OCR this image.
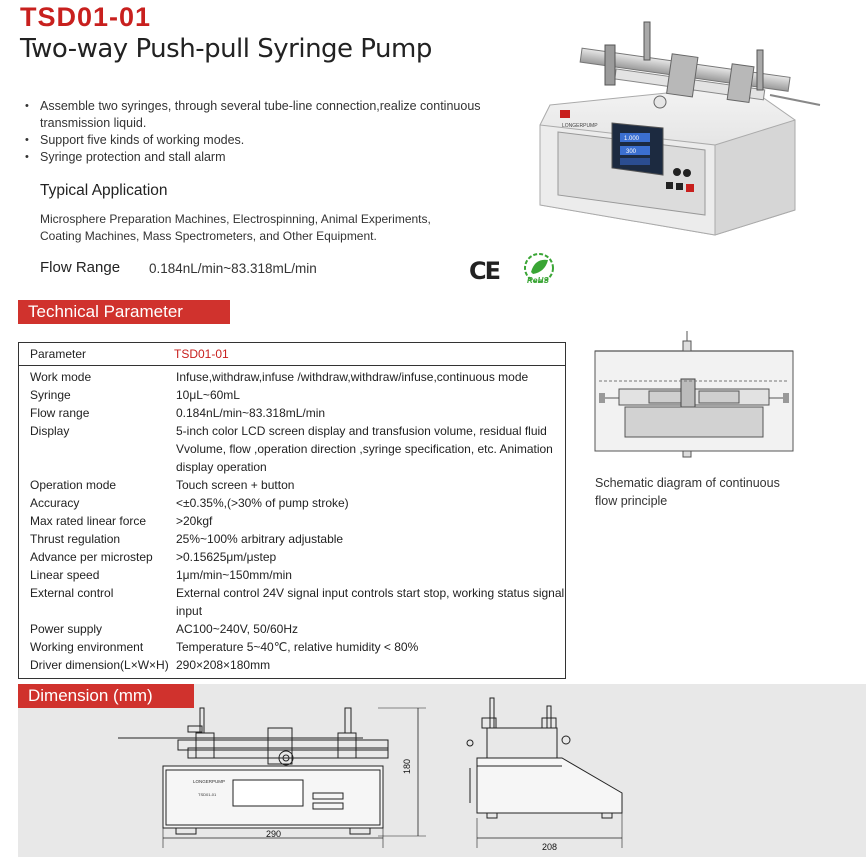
TSD01-01
Two-way Push-pull Syringe Pump
LONGERPUMP
1.000
300
• Assemble two syringes, through several tube-line connection,realize continuous transmission liquid.
• Support five kinds of working modes.
• Syringe protection and stall alarm
Typical Application
Microsphere Preparation Machines, Electrospinning, Animal Experiments, Coating Machines, Mass Spectrometers, and Other Equipment.
Flow Range 0.184nL/min~83.318mL/min	CE	RoHS
Technical Parameter
Parameter	TSD01-01
Work mode	Infuse,withdraw,infuse /withdraw,withdraw/infuse,continuous mode
Syringe	10μL~60mL
Flow range	0.184nL/min~83.318mL/min
Display	5-inch color LCD screen display and transfusion volume, residual fluid Vvolume, flow ,operation direction ,syringe specification, etc. Animation display operation
Operation mode	Touch screen + button
Accuracy	<±0.35%,(>30% of pump stroke)
Max rated linear force	>20kgf
Thrust regulation	25%~100% arbitrary adjustable
Advance per microstep	>0.15625μm/μstep
Linear speed	1μm/min~150mm/min
External control	External control 24V signal input controls start stop, working status signal input
Power supply	AC100~240V, 50/60Hz
Working environment	Temperature 5~40℃, relative humidity < 80%
Driver dimension(L×W×H) 290×208×180mm
Schematic diagram of continuous flow principle
Dimension (mm)
LONGERPUMP
TSD01-01
290
180
208
